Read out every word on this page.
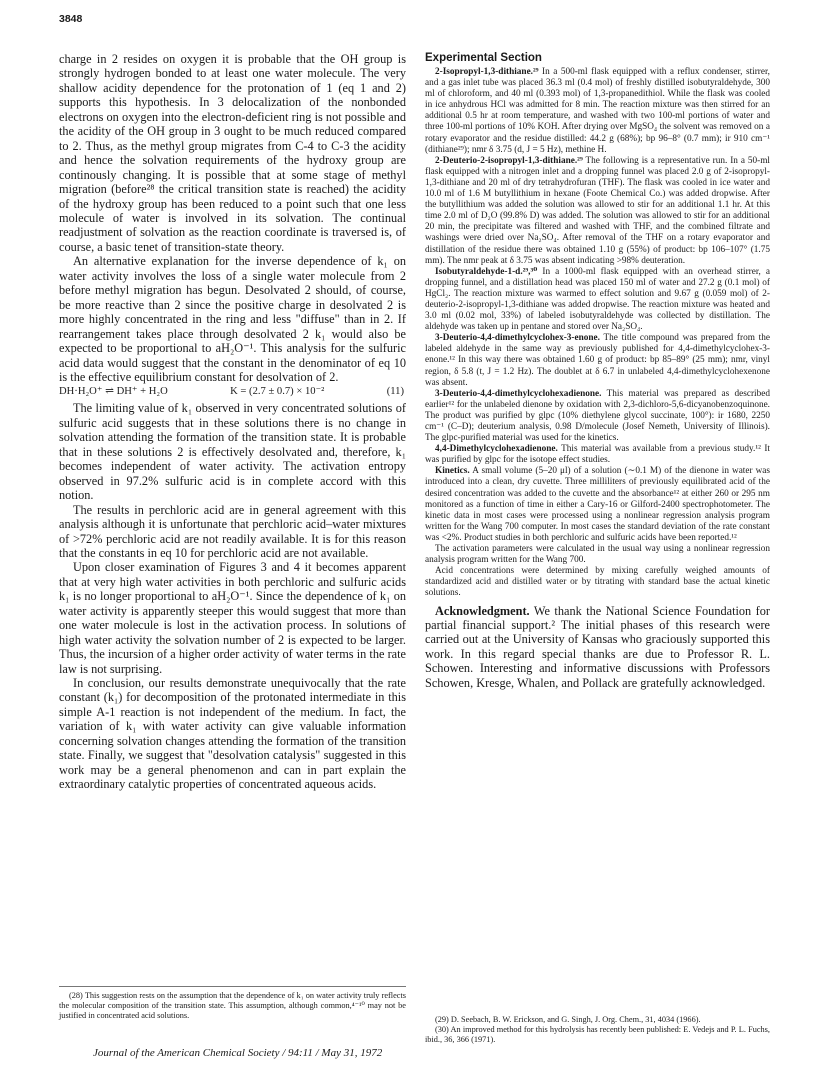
3848

charge in 2 resides on oxygen it is probable that the OH group is strongly hydrogen bonded to at least one water molecule. The very shallow acidity dependence for the protonation of 1 (eq 1 and 2) supports this hypothesis. In 3 delocalization of the nonbonded electrons on oxygen into the electron-deficient ring is not possible and the acidity of the OH group in 3 ought to be much reduced compared to 2. Thus, as the methyl group migrates from C-4 to C-3 the acidity and hence the solvation requirements of the hydroxy group are continously changing. It is possible that at some stage of methyl migration (before²⁸ the critical transition state is reached) the acidity of the hydroxy group has been reduced to a point such that one less molecule of water is involved in its solvation. The continual readjustment of solvation as the reaction coordinate is traversed is, of course, a basic tenet of transition-state theory.

An alternative explanation for the inverse dependence of k₁ on water activity involves the loss of a single water molecule from 2 before methyl migration has begun. Desolvated 2 should, of course, be more reactive than 2 since the positive charge in desolvated 2 is more highly concentrated in the ring and less "diffuse" than in 2. If rearrangement takes place through desolvated 2 k₁ would also be expected to be proportional to aH₂O⁻¹. This analysis for the sulfuric acid data would suggest that the constant in the denominator of eq 10 is the effective equilibrium constant for desolvation of 2.

DH·H₂O⁺ ⇌ DH⁺ + H₂O	K = (2.7 ± 0.7) × 10⁻²	(11)

The limiting value of k₁ observed in very concentrated solutions of sulfuric acid suggests that in these solutions there is no change in solvation attending the formation of the transition state. It is probable that in these solutions 2 is effectively desolvated and, therefore, k₁ becomes independent of water activity. The activation entropy observed in 97.2% sulfuric acid is in complete accord with this notion.

The results in perchloric acid are in general agreement with this analysis although it is unfortunate that perchloric acid–water mixtures of >72% perchloric acid are not readily available. It is for this reason that the constants in eq 10 for perchloric acid are not available.

Upon closer examination of Figures 3 and 4 it becomes apparent that at very high water activities in both perchloric and sulfuric acids k₁ is no longer proportional to aH₂O⁻¹. Since the dependence of k₁ on water activity is apparently steeper this would suggest that more than one water molecule is lost in the activation process. In solutions of high water activity the solvation number of 2 is expected to be larger. Thus, the incursion of a higher order activity of water terms in the rate law is not surprising.

In conclusion, our results demonstrate unequivocally that the rate constant (k₁) for decomposition of the protonated intermediate in this simple A-1 reaction is not independent of the medium. In fact, the variation of k₁ with water activity can give valuable information concerning solvation changes attending the formation of the transition state. Finally, we suggest that "desolvation catalysis" suggested in this work may be a general phenomenon and can in part explain the extraordinary catalytic properties of concentrated aqueous acids.

Experimental Section

2-Isopropyl-1,3-dithiane.²⁹ In a 500-ml flask equipped with a reflux condenser, stirrer, and a gas inlet tube was placed 36.3 ml (0.4 mol) of freshly distilled isobutyraldehyde, 300 ml of chloroform, and 40 ml (0.393 mol) of 1,3-propanedithiol. While the flask was cooled in ice anhydrous HCl was admitted for 8 min. The reaction mixture was then stirred for an additional 0.5 hr at room temperature, and washed with two 100-ml portions of water and three 100-ml portions of 10% KOH. After drying over MgSO₄ the solvent was removed on a rotary evaporator and the residue distilled: 44.2 g (68%); bp 96–8° (0.7 mm); ir 910 cm⁻¹ (dithiane²⁹); nmr δ 3.75 (d, J = 5 Hz), methine H.

2-Deuterio-2-isopropyl-1,3-dithiane.²⁹ The following is a representative run. In a 50-ml flask equipped with a nitrogen inlet and a dropping funnel was placed 2.0 g of 2-isopropyl-1,3-dithiane and 20 ml of dry tetrahydrofuran (THF). The flask was cooled in ice water and 10.0 ml of 1.6 M butyllithium in hexane (Foote Chemical Co.) was added dropwise. After the butyllithium was added the solution was allowed to stir for an additional 1.1 hr. At this time 2.0 ml of D₂O (99.8% D) was added. The solution was allowed to stir for an additional 20 min, the precipitate was filtered and washed with THF, and the combined filtrate and washings were dried over Na₂SO₄. After removal of the THF on a rotary evaporator and distillation of the residue there was obtained 1.10 g (55%) of product: bp 106–107° (1.75 mm). The nmr peak at δ 3.75 was absent indicating >98% deuteration.

Isobutyraldehyde-1-d.²⁹,³⁰ In a 1000-ml flask equipped with an overhead stirrer, a dropping funnel, and a distillation head was placed 150 ml of water and 27.2 g (0.1 mol) of HgCl₂. The reaction mixture was warmed to effect solution and 9.67 g (0.059 mol) of 2-deuterio-2-isopropyl-1,3-dithiane was added dropwise. The reaction mixture was heated and 3.0 ml (0.02 mol, 33%) of labeled isobutyraldehyde was collected by distillation. The aldehyde was taken up in pentane and stored over Na₂SO₄.

3-Deuterio-4,4-dimethylcyclohex-3-enone. The title compound was prepared from the labeled aldehyde in the same way as previously published for 4,4-dimethylcyclohex-3-enone.¹² In this way there was obtained 1.60 g of product: bp 85–89° (25 mm); nmr, vinyl region, δ 5.8 (t, J = 1.2 Hz). The doublet at δ 6.7 in unlabeled 4,4-dimethylcyclohexenone was absent.

3-Deuterio-4,4-dimethylcyclohexadienone. This material was prepared as described earlier¹² for the unlabeled dienone by oxidation with 2,3-dichloro-5,6-dicyanobenzoquinone. The product was purified by glpc (10% diethylene glycol succinate, 100°): ir 1680, 2250 cm⁻¹ (C–D); deuterium analysis, 0.98 D/molecule (Josef Nemeth, University of Illinois). The glpc-purified material was used for the kinetics.

4,4-Dimethylcyclohexadienone. This material was available from a previous study.¹² It was purified by glpc for the isotope effect studies.

Kinetics. A small volume (5–20 μl) of a solution (∼0.1 M) of the dienone in water was introduced into a clean, dry cuvette. Three milliliters of previously equilibrated acid of the desired concentration was added to the cuvette and the absorbance¹² at either 260 or 295 nm monitored as a function of time in either a Cary-16 or Gilford-2400 spectrophotometer. The kinetic data in most cases were processed using a nonlinear regression analysis program written for the Wang 700 computer. In most cases the standard deviation of the rate constant was <2%. Product studies in both perchloric and sulfuric acids have been reported.¹²

The activation parameters were calculated in the usual way using a nonlinear regression analysis program written for the Wang 700.

Acid concentrations were determined by mixing carefully weighed amounts of standardized acid and distilled water or by titrating with standard base the actual kinetic solutions.

Acknowledgment. We thank the National Science Foundation for partial financial support.² The initial phases of this research were carried out at the University of Kansas who graciously supported this work. In this regard special thanks are due to Professor R. L. Schowen. Interesting and informative discussions with Professors Schowen, Kresge, Whalen, and Pollack are gratefully acknowledged.

(28) This suggestion rests on the assumption that the dependence of k₁ on water activity truly reflects the molecular composition of the transition state. This assumption, although common,⁴⁻¹⁰ may not be justified in concentrated acid solutions.	(29) D. Seebach, B. W. Erickson, and G. Singh, J. Org. Chem., 31, 4034 (1966).

(30) An improved method for this hydrolysis has recently been published: E. Vedejs and P. L. Fuchs, ibid., 36, 366 (1971).

Journal of the American Chemical Society / 94:11 / May 31, 1972
